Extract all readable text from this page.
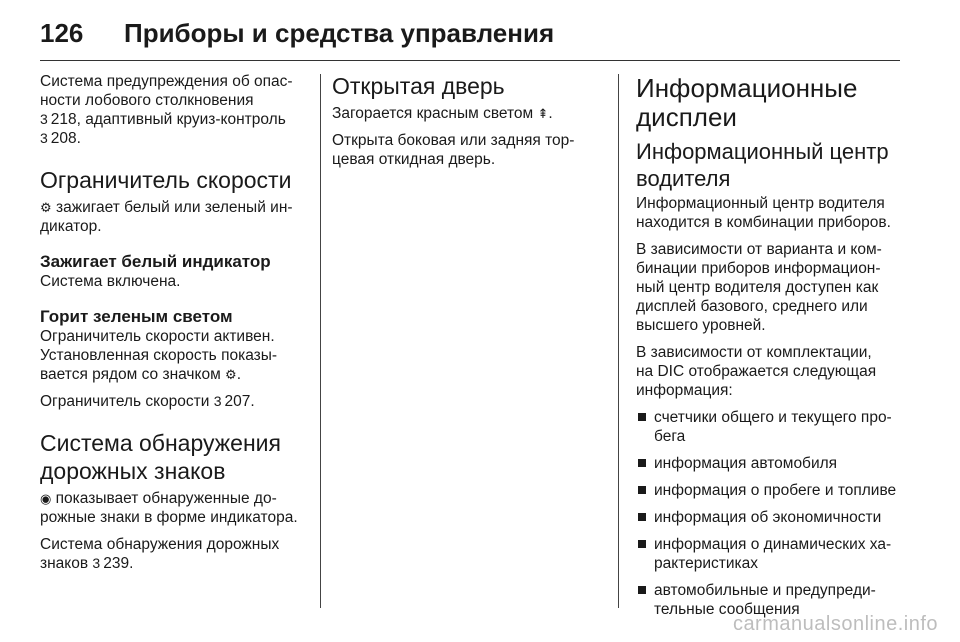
126 Приборы и средства управления

Система предупреждения об опас-
ности лобового столкновения
3 218, адаптивный круиз-контроль
3 208.

Ограничитель скорости

⚙ зажигает белый или зеленый ин-
дикатор.

Зажигает белый индикатор

Система включена.

Горит зеленым светом

Ограничитель скорости активен.
Установленная скорость показы-
вается рядом со значком ⚙.

Ограничитель скорости 3 207.

Система обнаружения
дорожных знаков

◉ показывает обнаруженные до-
рожные знаки в форме индикатора.

Система обнаружения дорожных
знаков 3 239.

Открытая дверь

Загорается красным светом ⇞.

Открыта боковая или задняя тор-
цевая откидная дверь.

Информационные
дисплеи
Информационный центр
водителя

Информационный центр водителя
находится в комбинации приборов.

В зависимости от варианта и ком-
бинации приборов информацион-
ный центр водителя доступен как
дисплей базового, среднего или
высшего уровней.

В зависимости от комплектации,
на DIC отображается следующая
информация:

счетчики общего и текущего про-
бега
информация автомобиля
информация о пробеге и топливе
информация об экономичности
информация о динамических ха-
рактеристиках
автомобильные и предупреди-
тельные сообщения
carmanualsonline.info
